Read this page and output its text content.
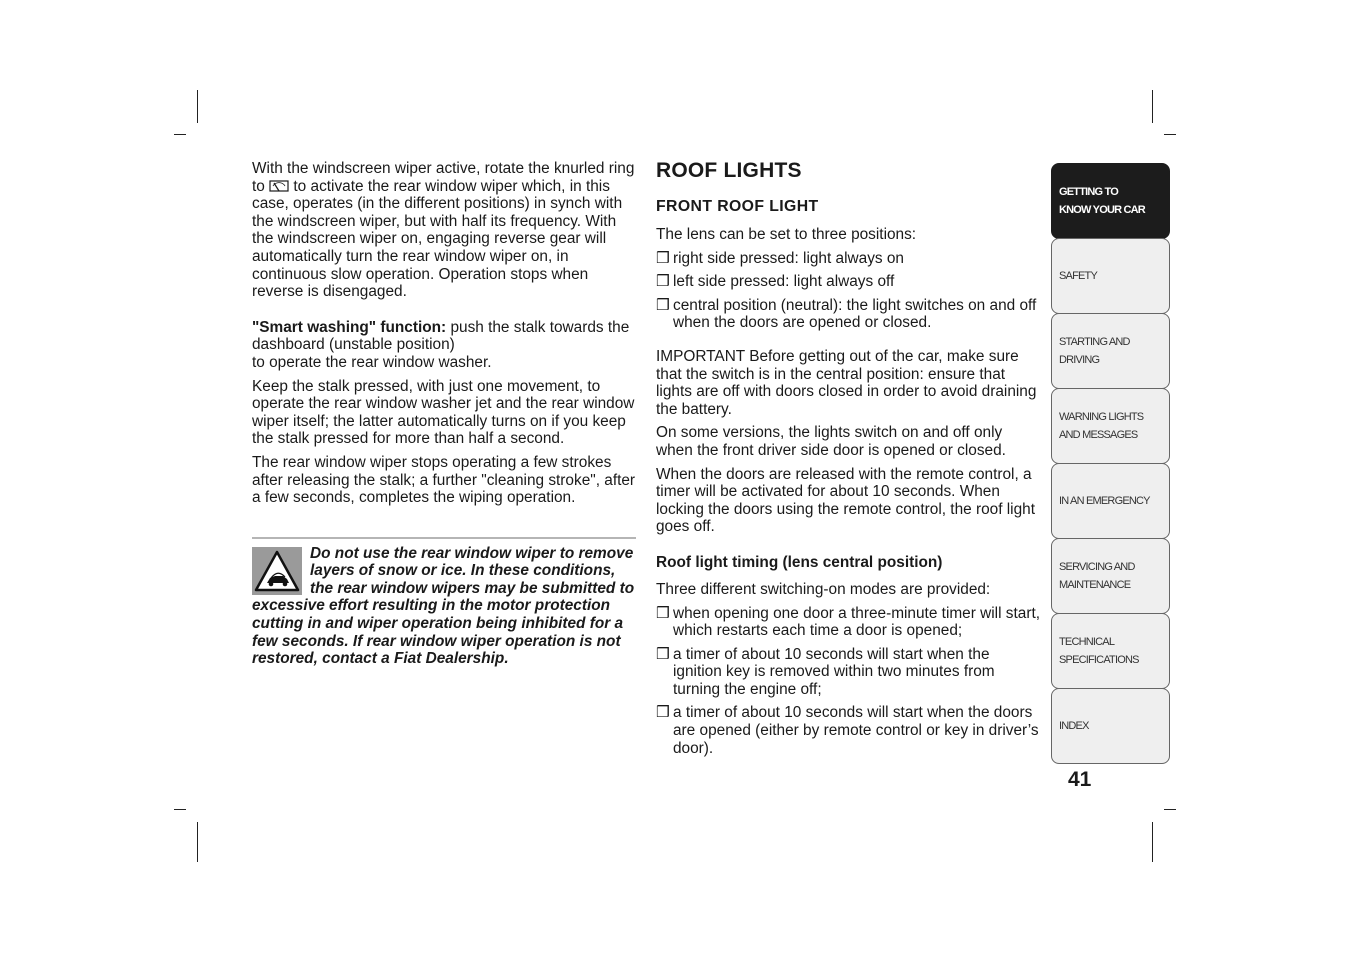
With the windscreen wiper active, rotate the knurled ring to
to activate the rear window wiper which, in this case, operates (in the different positions) in synch with the windscreen wiper, but with half its frequency. With the windscreen wiper on, engaging reverse gear will automatically turn the rear window wiper on, in continuous slow operation. Operation stops when reverse is disengaged.

"Smart washing" function: push the stalk towards the dashboard (unstable position)
to operate the rear window washer.

Keep the stalk pressed, with just one movement, to operate the rear window washer jet and the rear window wiper itself; the latter automatically turns on if you keep the stalk pressed for more than half a second.

The rear window wiper stops operating a few strokes after releasing the stalk; a further "cleaning stroke", after a few seconds, completes the wiping operation.

Do not use the rear window wiper to remove layers of snow or ice. In these conditions, the rear window wipers may be submitted to excessive effort resulting in the motor protection cutting in and wiper operation being inhibited for a few seconds. If rear window wiper operation is not restored, contact a Fiat Dealership.

ROOF LIGHTS
FRONT ROOF LIGHT

The lens can be set to three positions:

❒ right side pressed: light always on
❒ left side pressed: light always off
❒ central position (neutral): the light switches on and off when the doors are opened or closed.

IMPORTANT Before getting out of the car, make sure that the switch is in the central position: ensure that lights are off with doors closed in order to avoid draining the battery.

On some versions, the lights switch on and off only when the front driver side door is opened or closed.

When the doors are released with the remote control, a timer will be activated for about 10 seconds. When locking the doors using the remote control, the roof light goes off.

Roof light timing (lens central position)

Three different switching-on modes are provided:

❒ when opening one door a three-minute timer will start, which restarts each time a door is opened;
❒ a timer of about 10 seconds will start when the ignition key is removed within two minutes from turning the engine off;
❒ a timer of about 10 seconds will start when the doors are opened (either by remote control or key in driver’s door).
GETTING TO
KNOW YOUR CAR
SAFETY
STARTING AND
DRIVING
WARNING LIGHTS
AND MESSAGES
IN AN EMERGENCY
SERVICING AND
MAINTENANCE
TECHNICAL
SPECIFICATIONS
INDEX
41
